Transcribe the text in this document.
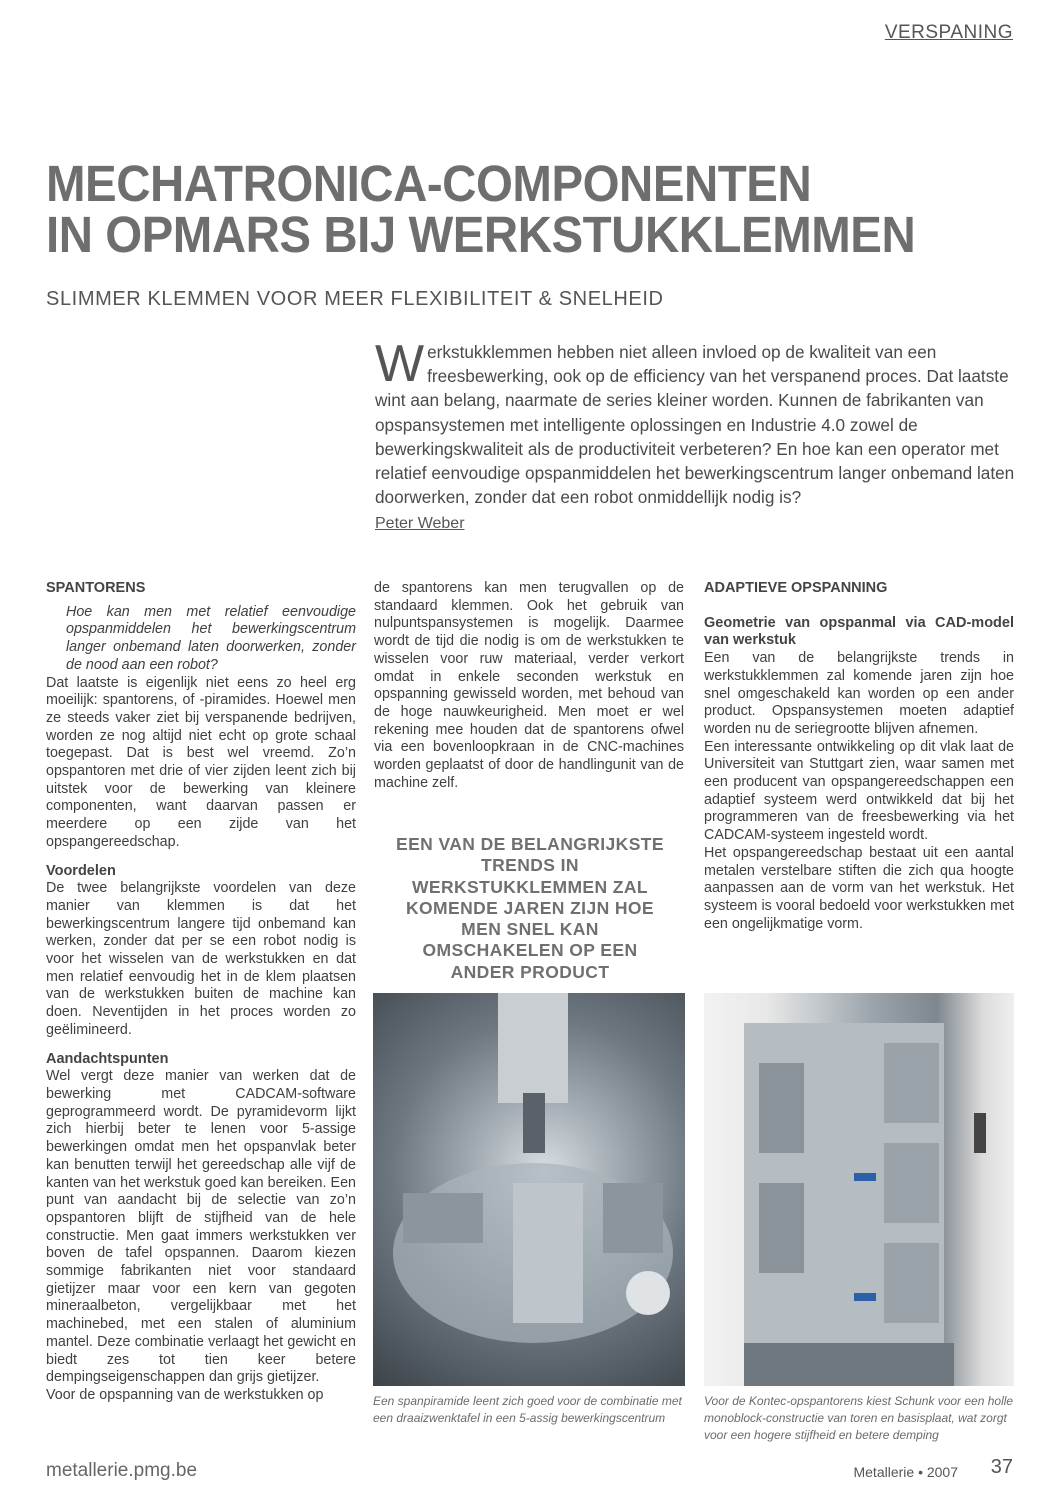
VERSPANING
MECHATRONICA-COMPONENTEN
IN OPMARS BIJ WERKSTUKKLEMMEN
SLIMMER KLEMMEN VOOR MEER FLEXIBILITEIT & SNELHEID
Werkstukklemmen hebben niet alleen invloed op de kwaliteit van een freesbewerking, ook op de efficiency van het verspanend proces. Dat laatste wint aan belang, naarmate de series kleiner worden. Kunnen de fabrikanten van opspansystemen met intelligente oplossingen en Industrie 4.0 zowel de bewerkingskwaliteit als de productiviteit verbeteren? En hoe kan een operator met relatief eenvoudige opspanmiddelen het bewerkingscentrum langer onbemand laten doorwerken, zonder dat een robot onmiddellijk nodig is?
Peter Weber
SPANTORENS

Hoe kan men met relatief eenvoudige opspanmiddelen het bewerkingscentrum langer onbemand laten doorwerken, zonder de nood aan een robot?

Dat laatste is eigenlijk niet eens zo heel erg moeilijk: spantorens, of -piramides. Hoewel men ze steeds vaker ziet bij verspanende bedrijven, worden ze nog altijd niet echt op grote schaal toegepast. Dat is best wel vreemd. Zo’n opspantoren met drie of vier zijden leent zich bij uitstek voor de bewerking van kleinere componenten, want daarvan passen er meerdere op een zijde van het opspangereedschap.

Voordelen

De twee belangrijkste voordelen van deze manier van klemmen is dat het bewerkingscentrum langere tijd onbemand kan werken, zonder dat per se een robot nodig is voor het wisselen van de werkstukken en dat men relatief eenvoudig het in de klem plaatsen van de werkstukken buiten de machine kan doen. Neventijden in het proces worden zo geëlimineerd.

Aandachtspunten

Wel vergt deze manier van werken dat de bewerking met CADCAM-software geprogrammeerd wordt. De pyramidevorm lijkt zich hierbij beter te lenen voor 5-assige bewerkingen omdat men het opspanvlak beter kan benutten terwijl het gereedschap alle vijf de kanten van het werkstuk goed kan bereiken. Een punt van aandacht bij de selectie van zo’n opspantoren blijft de stijfheid van de hele constructie. Men gaat immers werkstukken ver boven de tafel opspannen. Daarom kiezen sommige fabrikanten niet voor standaard gietijzer maar voor een kern van gegoten mineraalbeton, vergelijkbaar met het machinebed, met een stalen of aluminium mantel. Deze combinatie verlaagt het gewicht en biedt zes tot tien keer betere dempingseigenschappen dan grijs gietijzer.

Voor de opspanning van de werkstukken op

de spantorens kan men terugvallen op de standaard klemmen. Ook het gebruik van nulpuntspansystemen is mogelijk. Daarmee wordt de tijd die nodig is om de werkstukken te wisselen voor ruw materiaal, verder verkort omdat in enkele seconden werkstuk en opspanning gewisseld worden, met behoud van de hoge nauwkeurigheid. Men moet er wel rekening mee houden dat de spantorens ofwel via een bovenloopkraan in de CNC-machines worden geplaatst of door de handlingunit van de machine zelf.

EEN VAN DE BELANGRIJKSTE TRENDS IN WERKSTUKKLEMMEN ZAL KOMENDE JAREN ZIJN HOE MEN SNEL KAN OMSCHAKELEN OP EEN ANDER PRODUCT
ADAPTIEVE OPSPANNING
Geometrie van opspanmal via CAD-model van werkstuk

Een van de belangrijkste trends in werkstukklemmen zal komende jaren zijn hoe snel omgeschakeld kan worden op een ander product. Opspansystemen moeten adaptief worden nu de seriegrootte blijven afnemen.

Een interessante ontwikkeling op dit vlak laat de Universiteit van Stuttgart zien, waar samen met een producent van opspangereedschappen een adaptief systeem werd ontwikkeld dat bij het programmeren van de freesbewerking via het CADCAM-systeem ingesteld wordt.

Het opspangereedschap bestaat uit een aantal metalen verstelbare stiften die zich qua hoogte aanpassen aan de vorm van het werkstuk. Het systeem is vooral bedoeld voor werkstukken met een ongelijkmatige vorm.

Een spanpiramide leent zich goed voor de combinatie met een draaizwenktafel in een 5-assig bewerkingscentrum
Voor de Kontec-opspantorens kiest Schunk voor een holle monoblock-constructie van toren en basisplaat, wat zorgt voor een hogere stijfheid en betere demping
metallerie.pmg.be	Metallerie • 2007 37
